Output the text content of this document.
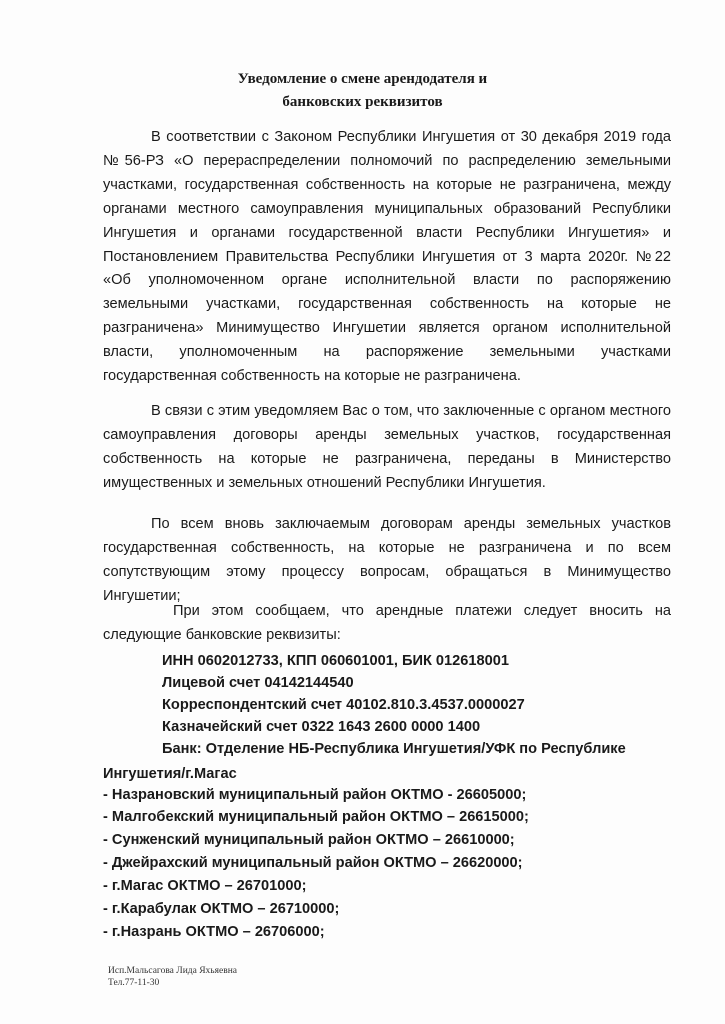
Уведомление о смене арендодателя и
банковских реквизитов

В соответствии с Законом Республики Ингушетия от 30 декабря 2019 года №56-РЗ «О перераспределении полномочий по распределению земельными участками, государственная собственность на которые не разграничена, между органами местного самоуправления муниципальных образований Республики Ингушетия и органами государственной власти Республики Ингушетия» и Постановлением Правительства Республики Ингушетия от 3 марта 2020г. №22 «Об уполномоченном органе исполнительной власти по распоряжению земельными участками, государственная собственность на которые не разграничена» Минимущество Ингушетии является органом исполнительной власти, уполномоченным на распоряжение земельными участками государственная собственность на которые не разграничена.

В связи с этим уведомляем Вас о том, что заключенные с органом местного самоуправления договоры аренды земельных участков, государственная собственность на которые не разграничена, переданы в Министерство имущественных и земельных отношений Республики Ингушетия.

По всем вновь заключаемым договорам аренды земельных участков государственная собственность, на которые не разграничена и по всем сопутствующим этому процессу вопросам, обращаться в Минимущество Ингушетии;

При этом сообщаем, что арендные платежи следует вносить на следующие банковские реквизиты:

ИНН 0602012733, КПП 060601001, БИК 012618001
Лицевой счет 04142144540
Корреспондентский счет 40102.810.3.4537.0000027
Казначейский счет 0322 1643 2600 0000 1400

Банк: Отделение НБ-Республика Ингушетия/УФК по Республике Ингушетия/г.Магас

- Назрановский муниципальный район ОКТМО - 26605000;
- Малгобекский муниципальный район ОКТМО – 26615000;
- Сунженский муниципальный район ОКТМО – 26610000;
- Джейрахский муниципальный район ОКТМО – 26620000;
- г.Магас ОКТМО – 26701000;
- г.Карабулак ОКТМО – 26710000;
- г.Назрань ОКТМО – 26706000;
Исп.Мальсагова Лида Яхьяевна
Тел.77-11-30
